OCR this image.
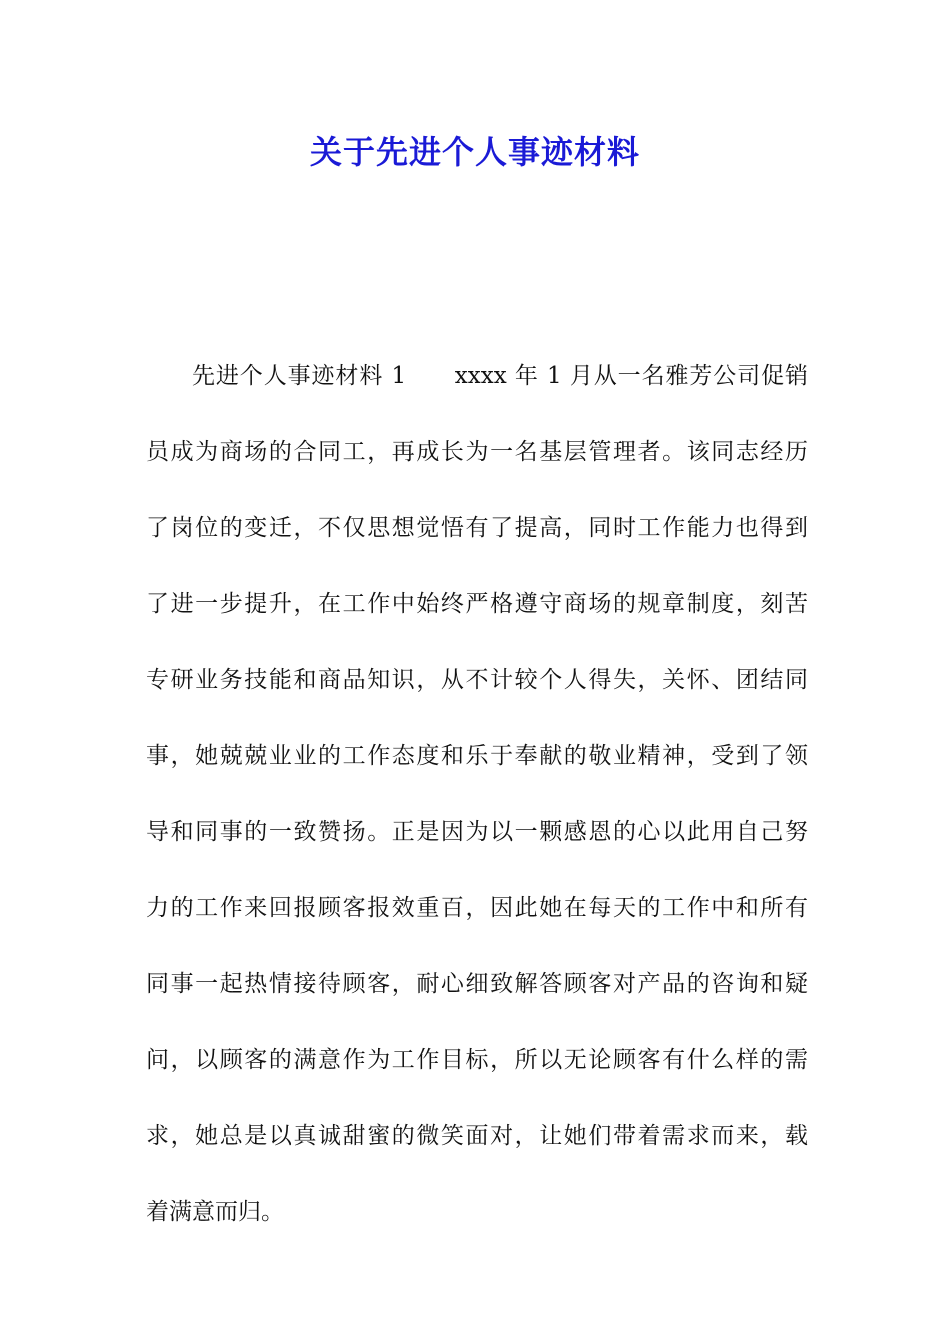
关于先进个人事迹材料
先进个人事迹材料 1　　xxxx 年 1 月从一名雅芳公司促销
员成为商场的合同工，再成长为一名基层管理者。该同志经历
了岗位的变迁，不仅思想觉悟有了提高，同时工作能力也得到
了进一步提升，在工作中始终严格遵守商场的规章制度，刻苦
专研业务技能和商品知识，从不计较个人得失，关怀、团结同
事，她兢兢业业的工作态度和乐于奉献的敬业精神，受到了领
导和同事的一致赞扬。正是因为以一颗感恩的心以此用自己努
力的工作来回报顾客报效重百，因此她在每天的工作中和所有
同事一起热情接待顾客，耐心细致解答顾客对产品的咨询和疑
问，以顾客的满意作为工作目标，所以无论顾客有什么样的需
求，她总是以真诚甜蜜的微笑面对，让她们带着需求而来，载
着满意而归。
